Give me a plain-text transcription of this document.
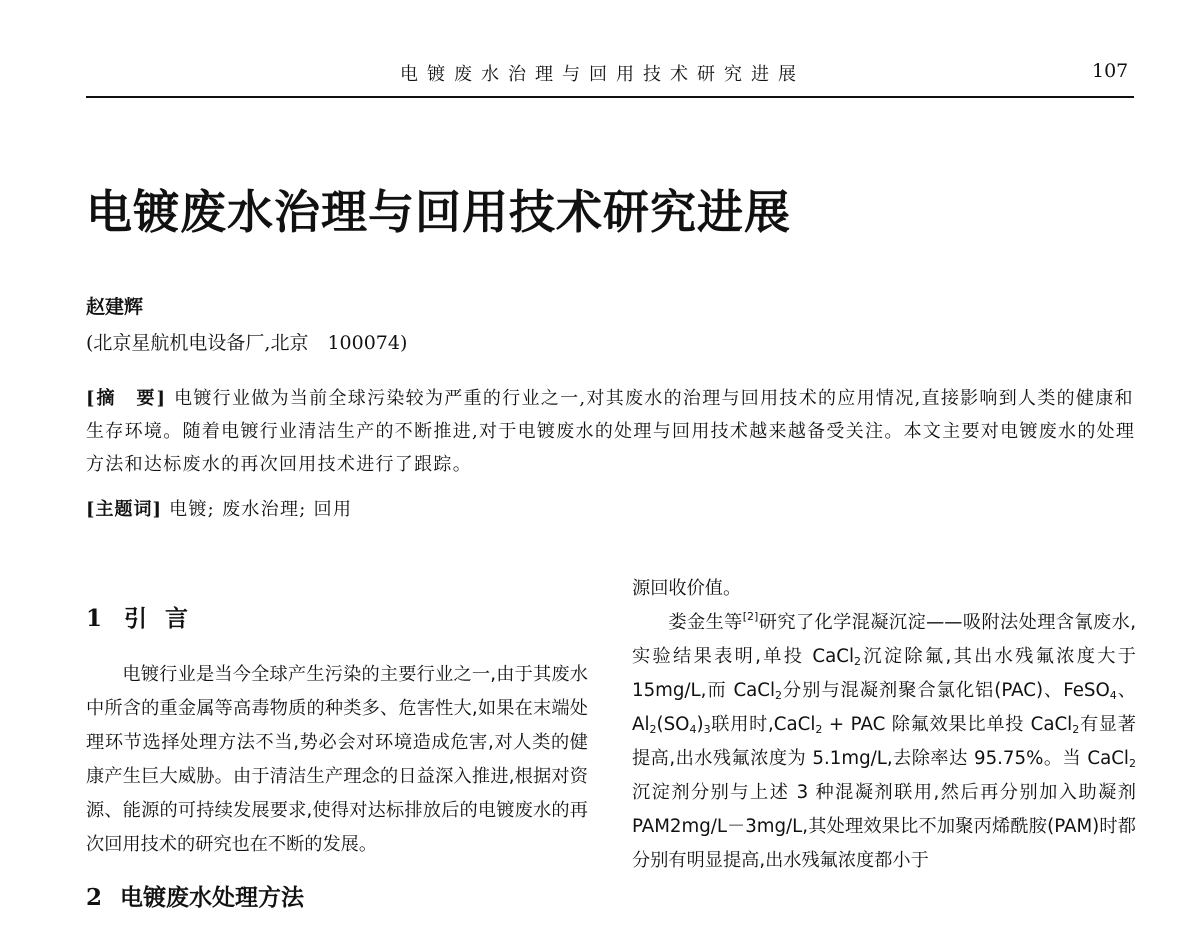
电镀废水治理与回用技术研究进展	107
电镀废水治理与回用技术研究进展
赵建辉
(北京星航机电设备厂,北京　100074)
[摘　要] 电镀行业做为当前全球污染较为严重的行业之一,对其废水的治理与回用技术的应用情况,直接影响到人类的健康和生存环境。随着电镀行业清洁生产的不断推进,对于电镀废水的处理与回用技术越来越备受关注。本文主要对电镀废水的处理方法和达标废水的再次回用技术进行了跟踪。
[主题词] 电镀; 废水治理; 回用
1 引言

电镀行业是当今全球产生污染的主要行业之一,由于其废水中所含的重金属等高毒物质的种类多、危害性大,如果在末端处理环节选择处理方法不当,势必会对环境造成危害,对人类的健康产生巨大威胁。由于清洁生产理念的日益深入推进,根据对资源、能源的可持续发展要求,使得对达标排放后的电镀废水的再次回用技术的研究也在不断的发展。

2 电镀废水处理方法

源回收价值。

娄金生等[2]研究了化学混凝沉淀——吸附法处理含氰废水,实验结果表明,单投 CaCl$_2$沉淀除氟,其出水残氟浓度大于 15mg/L,而 CaCl$_2$分别与混凝剂聚合氯化铝(PAC)、FeSO$_4$、$Al_2(SO_4)_3$联用时,CaCl$_2$ + PAC 除氟效果比单投 CaCl$_2$有显著提高,出水残氟浓度为 5.1mg/L,去除率达 95.75%。当 CaCl$_2$沉淀剂分别与上述 3 种混凝剂联用,然后再分别加入助凝剂 PAM2mg/L－3mg/L,其处理效果比不加聚丙烯酰胺(PAM)时都分别有明显提高,出水残氟浓度都小于
